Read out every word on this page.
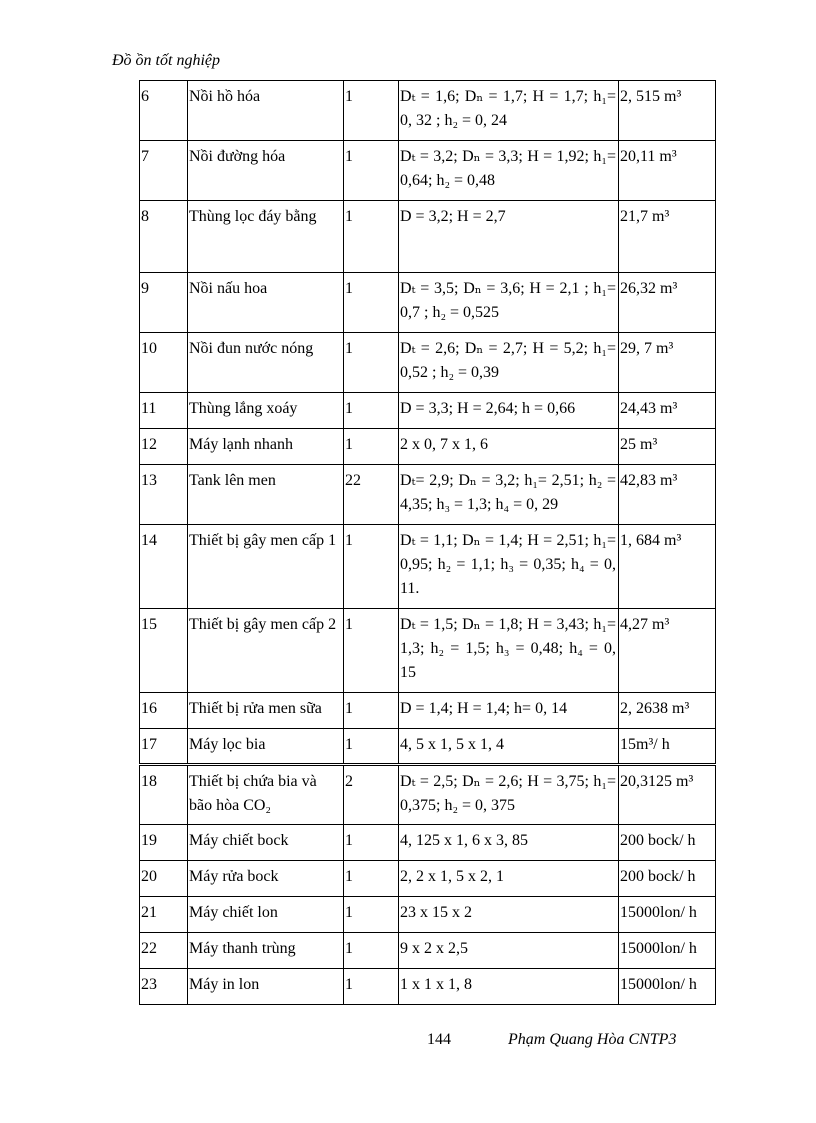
Đồ ồn tốt nghiệp
6	Nồi hồ hóa	1	Dₜ = 1,6; Dₙ = 1,7; H = 1,7; h₁= 0, 32 ; h₂ = 0, 24	2, 515 m³
7	Nồi đường hóa	1	Dₜ = 3,2; Dₙ = 3,3; H = 1,92; h₁= 0,64; h₂ = 0,48	20,11 m³
8	Thùng lọc đáy bằng	1	D = 3,2; H = 2,7	21,7 m³
9	Nồi nấu hoa	1	Dₜ = 3,5; Dₙ = 3,6; H = 2,1 ; h₁= 0,7 ; h₂ = 0,525	26,32 m³
10	Nồi đun nước nóng	1	Dₜ = 2,6; Dₙ = 2,7; H = 5,2; h₁= 0,52 ; h₂ = 0,39	29, 7 m³
11	Thùng lắng xoáy	1	D = 3,3; H = 2,64; h = 0,66	24,43 m³
12	Máy lạnh nhanh	1	2 x 0, 7 x 1, 6	25 m³
13	Tank lên men	22	Dₜ= 2,9; Dₙ = 3,2; h₁= 2,51; h₂ = 4,35; h₃ = 1,3; h₄ = 0, 29	42,83 m³
14	Thiết bị gây men cấp 1	1	Dₜ = 1,1; Dₙ = 1,4; H = 2,51; h₁= 0,95; h₂ = 1,1; h₃ = 0,35; h₄ = 0, 11.	1, 684 m³
15	Thiết bị gây men cấp 2	1	Dₜ = 1,5; Dₙ = 1,8; H = 3,43; h₁= 1,3; h₂ = 1,5; h₃ = 0,48; h₄ = 0, 15	4,27 m³
16	Thiết bị rửa men sữa	1	D = 1,4; H = 1,4; h= 0, 14	2, 2638 m³
17	Máy lọc bia	1	4, 5 x 1, 5 x 1, 4	15m³/ h
18	Thiết bị chứa bia và bão hòa CO₂	2	Dₜ = 2,5; Dₙ = 2,6; H = 3,75; h₁= 0,375; h₂ = 0, 375	20,3125 m³
19	Máy chiết bock	1	4, 125 x 1, 6 x 3, 85	200 bock/ h
20	Máy rửa bock	1	2, 2 x 1, 5 x 2, 1	200 bock/ h
21	Máy chiết lon	1	23 x 15 x 2	15000lon/ h
22	Máy thanh trùng	1	9 x 2 x 2,5	15000lon/ h
23	Máy in lon	1	1 x 1 x 1, 8	15000lon/ h
144	Phạm Quang Hòa CNTP3
